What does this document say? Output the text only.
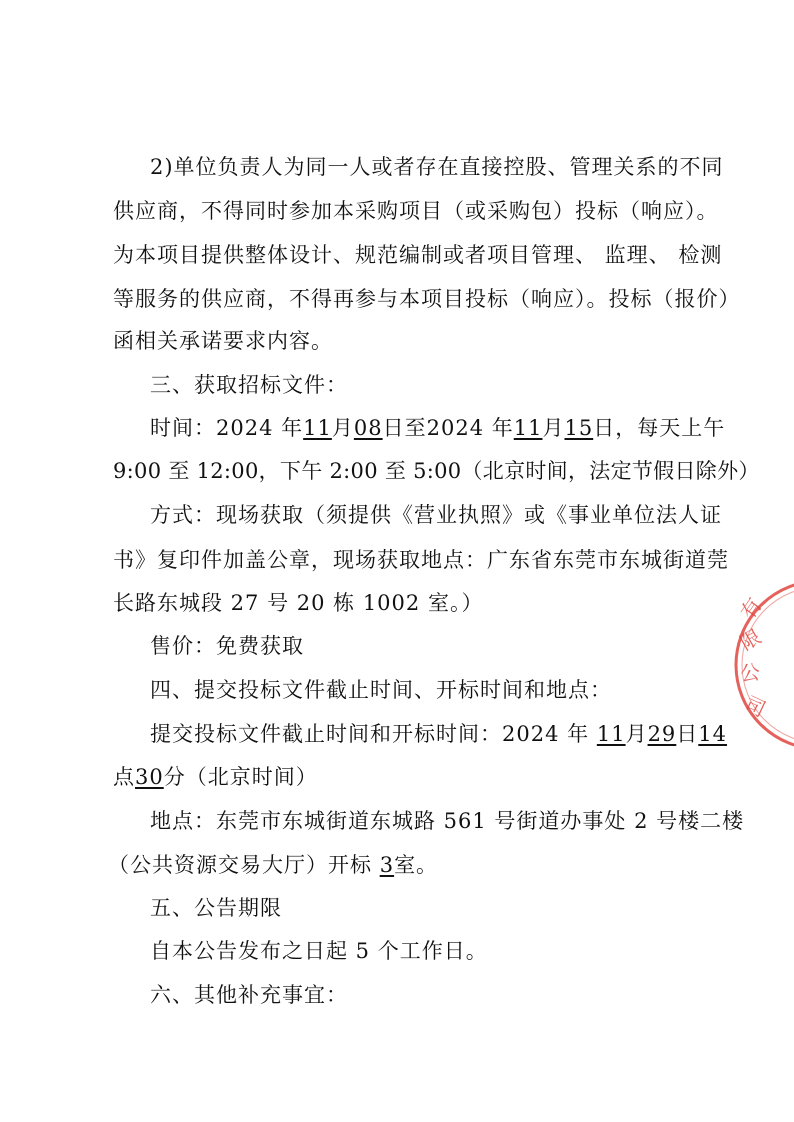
2)单位负责人为同一人或者存在直接控股、管理关系的不同
供应商，不得同时参加本采购项目（或采购包）投标（响应）。
为本项目提供整体设计、规范编制或者项目管理、 监理、 检测
等服务的供应商，不得再参与本项目投标（响应）。投标（报价）
函相关承诺要求内容。
三、获取招标文件：
时间：2024 年11月08日至2024 年11月15日，每天上午
9:00 至 12:00，下午 2:00 至 5:00（北京时间，法定节假日除外）
方式：现场获取（须提供《营业执照》或《事业单位法人证
书》复印件加盖公章，现场获取地点：广东省东莞市东城街道莞
长路东城段 27 号 20 栋 1002 室。）
售价：免费获取
四、提交投标文件截止时间、开标时间和地点：
提交投标文件截止时间和开标时间：2024 年 11月29日14
点30分（北京时间）
地点：东莞市东城街道东城路 561 号街道办事处 2 号楼二楼
（公共资源交易大厅）开标 3室。
五、公告期限
自本公告发布之日起 5 个工作日。
六、其他补充事宜：
有
限
公
司
